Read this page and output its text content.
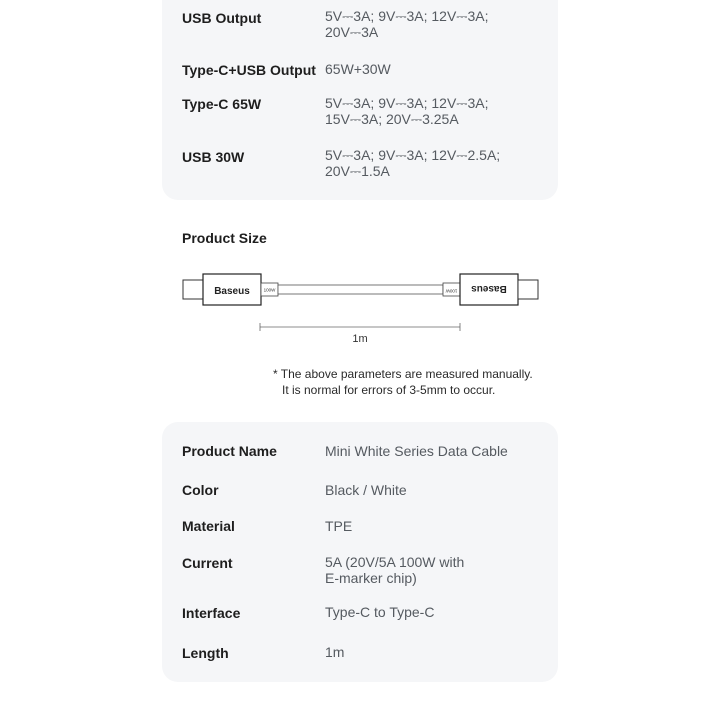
USB Output	5V⎓3A; 9V⎓3A; 12V⎓3A;
20V⎓3A
Type-C+USB Output 65W+30W
Type-C 65W	5V⎓3A; 9V⎓3A; 12V⎓3A;
15V⎓3A; 20V⎓3.25A
USB 30W	5V⎓3A; 9V⎓3A; 12V⎓2.5A;
20V⎓1.5A
Product Size
Baseus	100W	100W Baseus
1m
* The above parameters are measured manually.
It is normal for errors of 3-5mm to occur.
Product Name	Mini White Series Data Cable
Color	Black / White
Material	TPE
Current	5A (20V/5A 100W with
E-marker chip)
Interface	Type-C to Type-C
Length	1m
